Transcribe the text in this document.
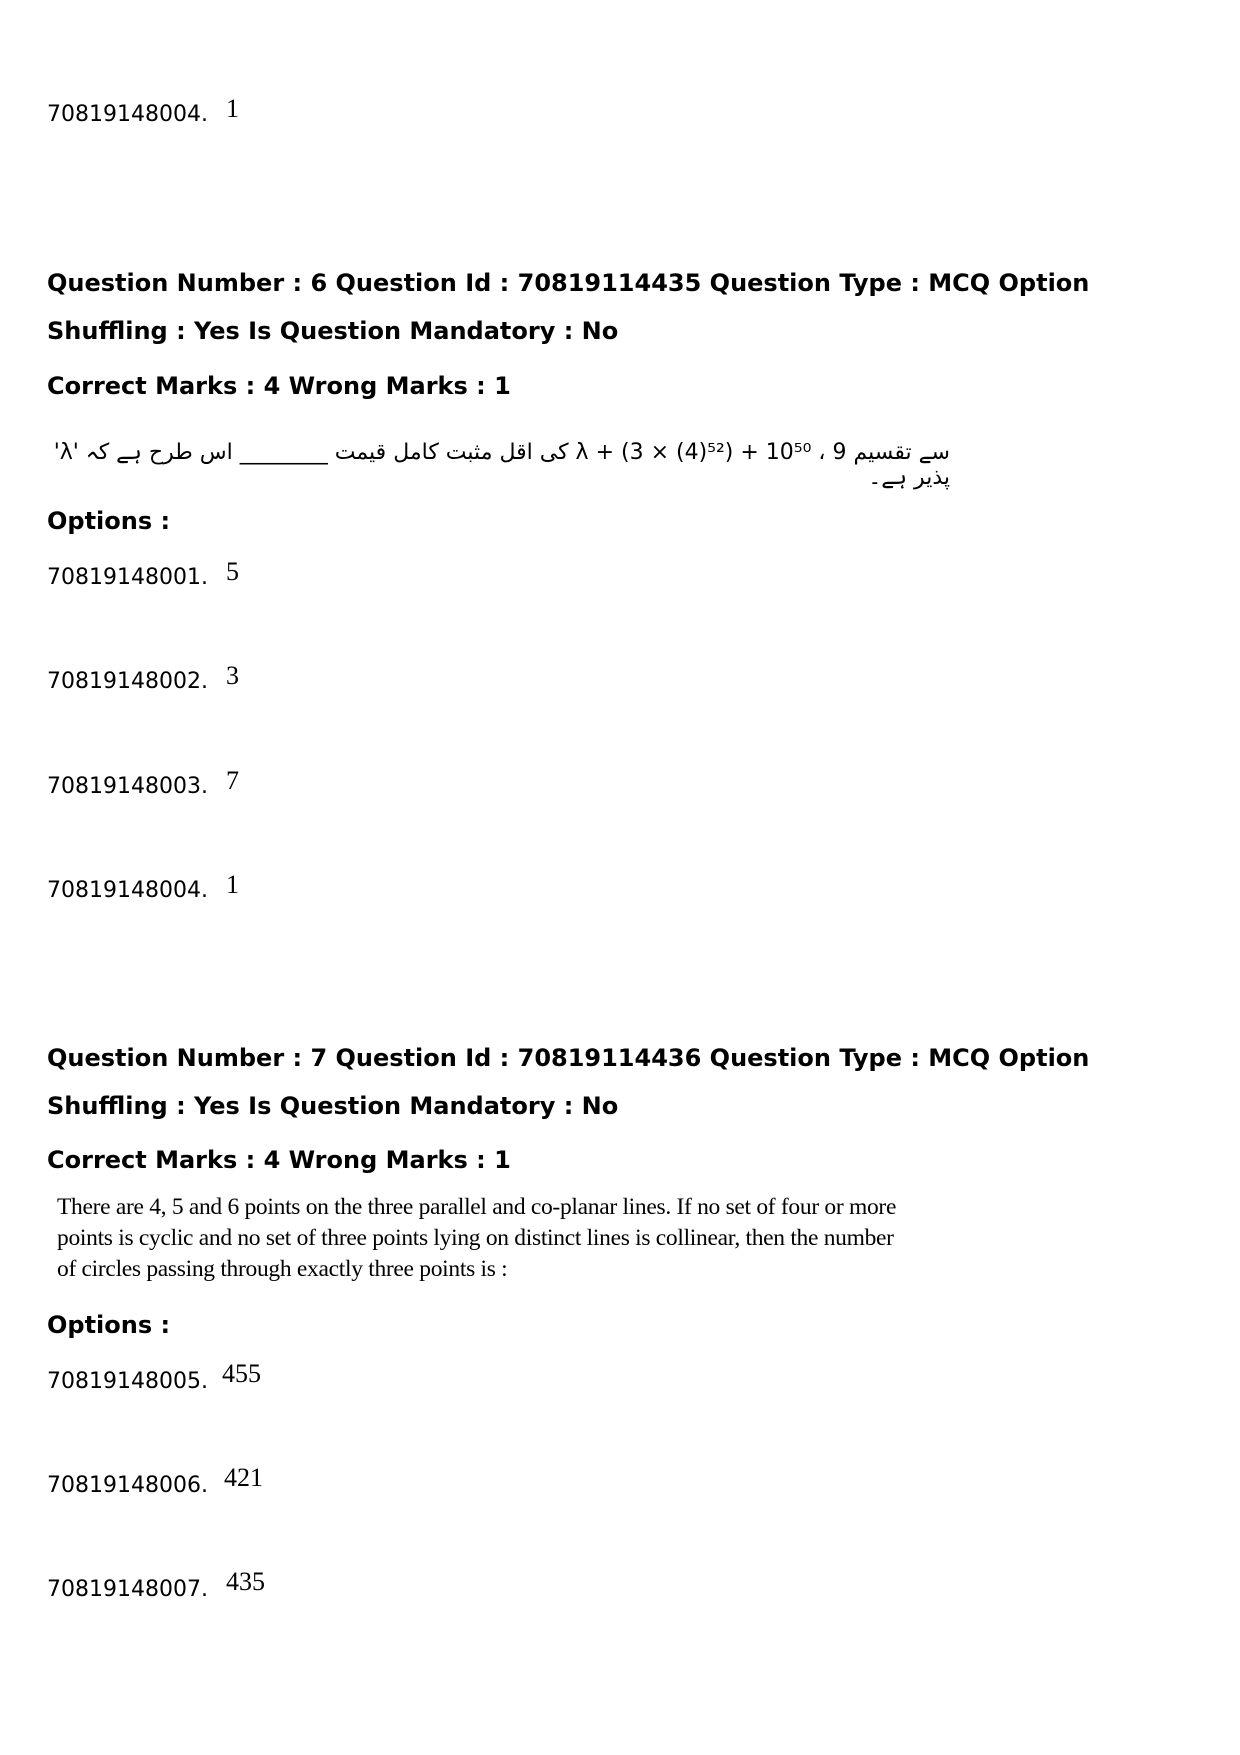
70819148004. 1
Question Number : 6 Question Id : 70819114435 Question Type : MCQ Option Shuffling : Yes Is Question Mandatory : No
Correct Marks : 4 Wrong Marks : 1
'λ' کی اقل مثبت کامل قیمت ________ اس طرح ہے کہ λ + (3 × (4)⁵²) + 10⁵⁰ ، 9 سے تقسیم پذیر ہے۔
Options :
70819148001. 5
70819148002. 3
70819148003. 7
70819148004. 1
Question Number : 7 Question Id : 70819114436 Question Type : MCQ Option Shuffling : Yes Is Question Mandatory : No
Correct Marks : 4 Wrong Marks : 1
There are 4, 5 and 6 points on the three parallel and co-planar lines. If no set of four or more
points is cyclic and no set of three points lying on distinct lines is collinear, then the number
of circles passing through exactly three points is :
Options :
70819148005. 455
70819148006. 421
70819148007. 435
